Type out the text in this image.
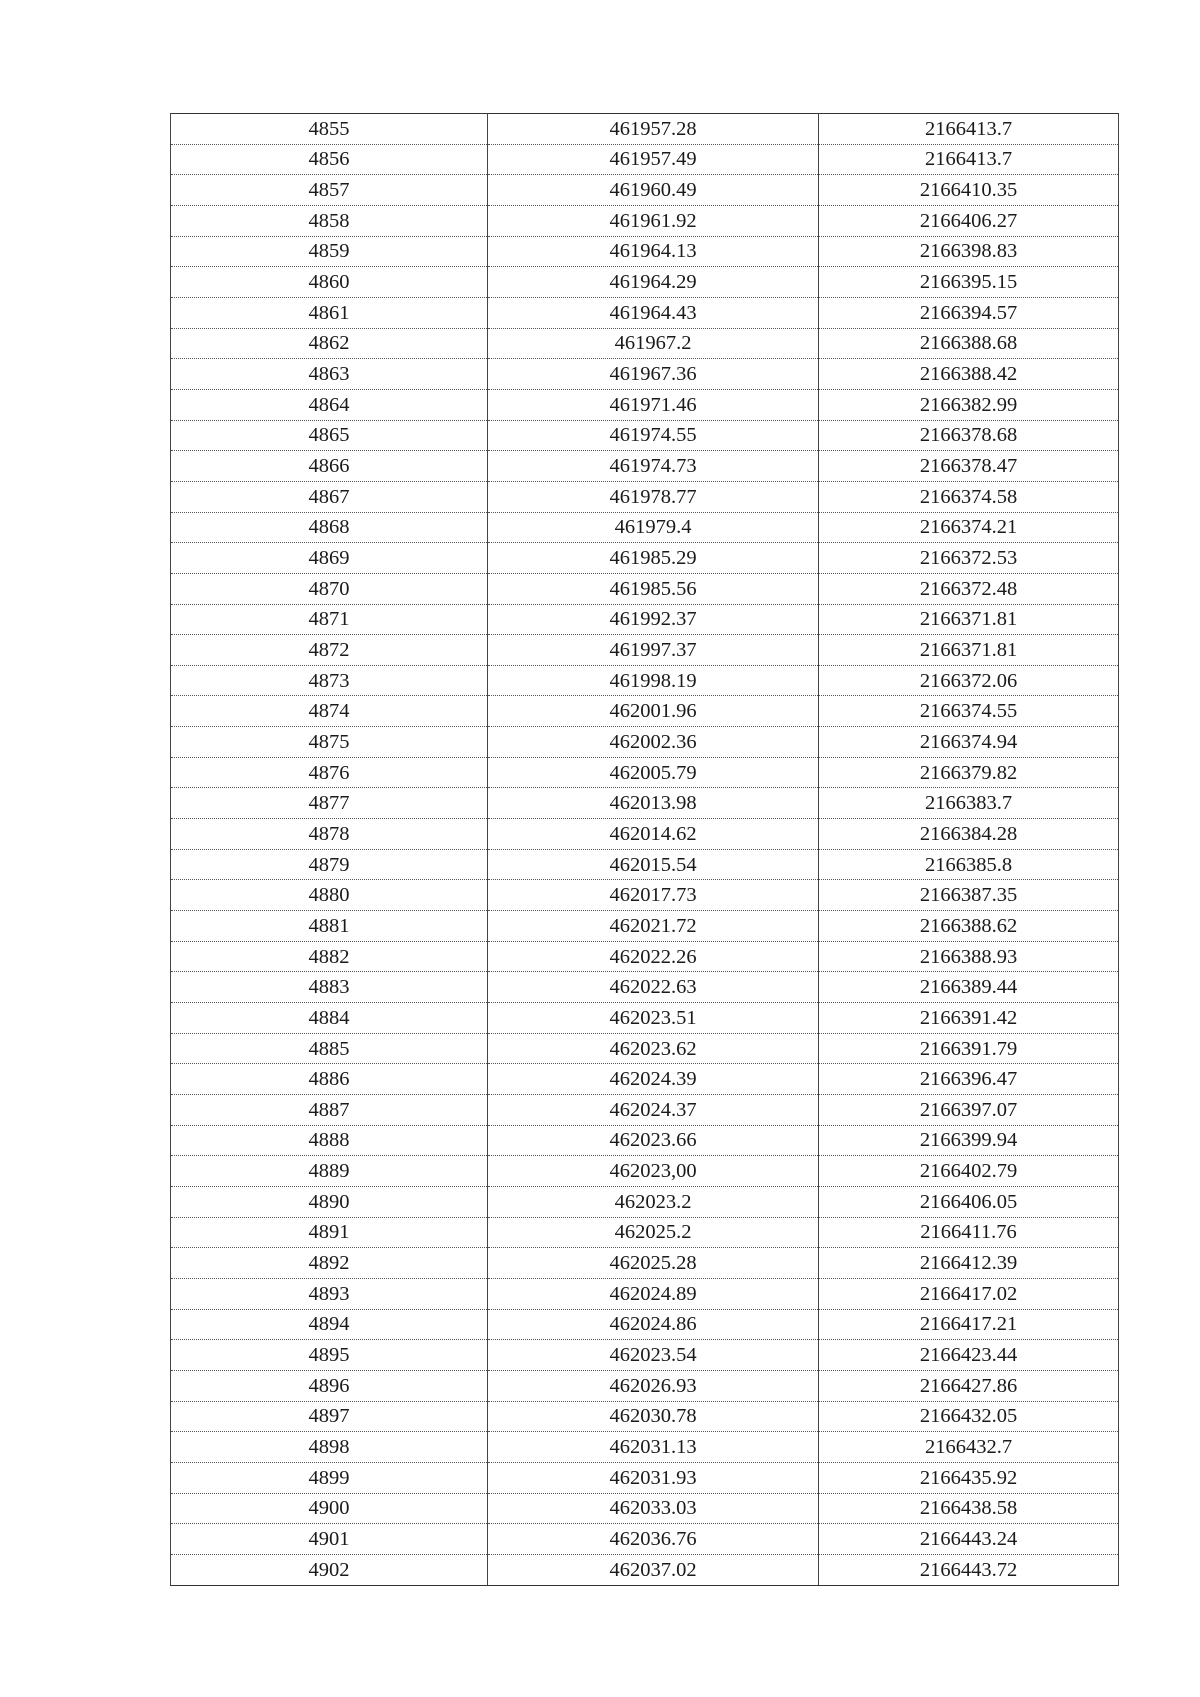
4855	461957.28	2166413.7
4856	461957.49	2166413.7
4857	461960.49	2166410.35
4858	461961.92	2166406.27
4859	461964.13	2166398.83
4860	461964.29	2166395.15
4861	461964.43	2166394.57
4862	461967.2	2166388.68
4863	461967.36	2166388.42
4864	461971.46	2166382.99
4865	461974.55	2166378.68
4866	461974.73	2166378.47
4867	461978.77	2166374.58
4868	461979.4	2166374.21
4869	461985.29	2166372.53
4870	461985.56	2166372.48
4871	461992.37	2166371.81
4872	461997.37	2166371.81
4873	461998.19	2166372.06
4874	462001.96	2166374.55
4875	462002.36	2166374.94
4876	462005.79	2166379.82
4877	462013.98	2166383.7
4878	462014.62	2166384.28
4879	462015.54	2166385.8
4880	462017.73	2166387.35
4881	462021.72	2166388.62
4882	462022.26	2166388.93
4883	462022.63	2166389.44
4884	462023.51	2166391.42
4885	462023.62	2166391.79
4886	462024.39	2166396.47
4887	462024.37	2166397.07
4888	462023.66	2166399.94
4889	462023,00	2166402.79
4890	462023.2	2166406.05
4891	462025.2	2166411.76
4892	462025.28	2166412.39
4893	462024.89	2166417.02
4894	462024.86	2166417.21
4895	462023.54	2166423.44
4896	462026.93	2166427.86
4897	462030.78	2166432.05
4898	462031.13	2166432.7
4899	462031.93	2166435.92
4900	462033.03	2166438.58
4901	462036.76	2166443.24
4902	462037.02	2166443.72
